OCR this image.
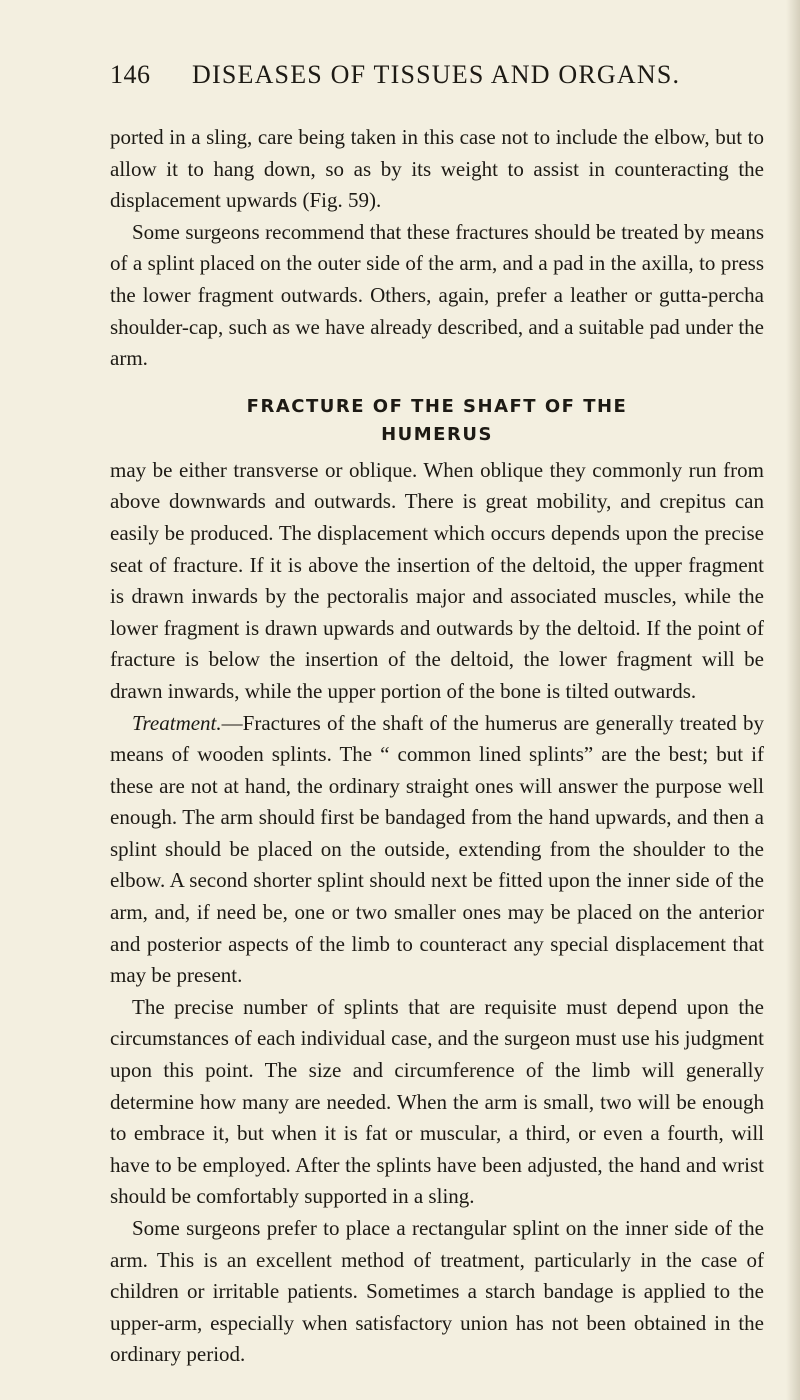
146	DISEASES OF TISSUES AND ORGANS.

ported in a sling, care being taken in this case not to include the elbow, but to allow it to hang down, so as by its weight to assist in counteracting the displacement upwards (Fig. 59).

Some surgeons recommend that these fractures should be treated by means of a splint placed on the outer side of the arm, and a pad in the axilla, to press the lower fragment outwards. Others, again, prefer a leather or gutta-percha shoulder-cap, such as we have already described, and a suitable pad under the arm.

FRACTURE OF THE SHAFT OF THE
HUMERUS

may be either transverse or oblique. When oblique they commonly run from above downwards and outwards. There is great mobility, and crepitus can easily be produced. The displacement which occurs depends upon the precise seat of fracture. If it is above the insertion of the deltoid, the upper fragment is drawn inwards by the pectoralis major and associated muscles, while the lower fragment is drawn upwards and outwards by the deltoid. If the point of fracture is below the insertion of the deltoid, the lower fragment will be drawn inwards, while the upper portion of the bone is tilted outwards.

Treatment.—Fractures of the shaft of the humerus are generally treated by means of wooden splints. The “ common lined splints” are the best; but if these are not at hand, the ordinary straight ones will answer the purpose well enough. The arm should first be bandaged from the hand upwards, and then a splint should be placed on the outside, extending from the shoulder to the elbow. A second shorter splint should next be fitted upon the inner side of the arm, and, if need be, one or two smaller ones may be placed on the anterior and posterior aspects of the limb to counteract any special displacement that may be present.

The precise number of splints that are requisite must depend upon the circumstances of each individual case, and the surgeon must use his judgment upon this point. The size and circumference of the limb will generally determine how many are needed. When the arm is small, two will be enough to embrace it, but when it is fat or muscular, a third, or even a fourth, will have to be employed. After the splints have been adjusted, the hand and wrist should be comfortably supported in a sling.

Some surgeons prefer to place a rectangular splint on the inner side of the arm. This is an excellent method of treatment, particularly in the case of children or irritable patients. Sometimes a starch bandage is applied to the upper-arm, especially when satisfactory union has not been obtained in the ordinary period.
